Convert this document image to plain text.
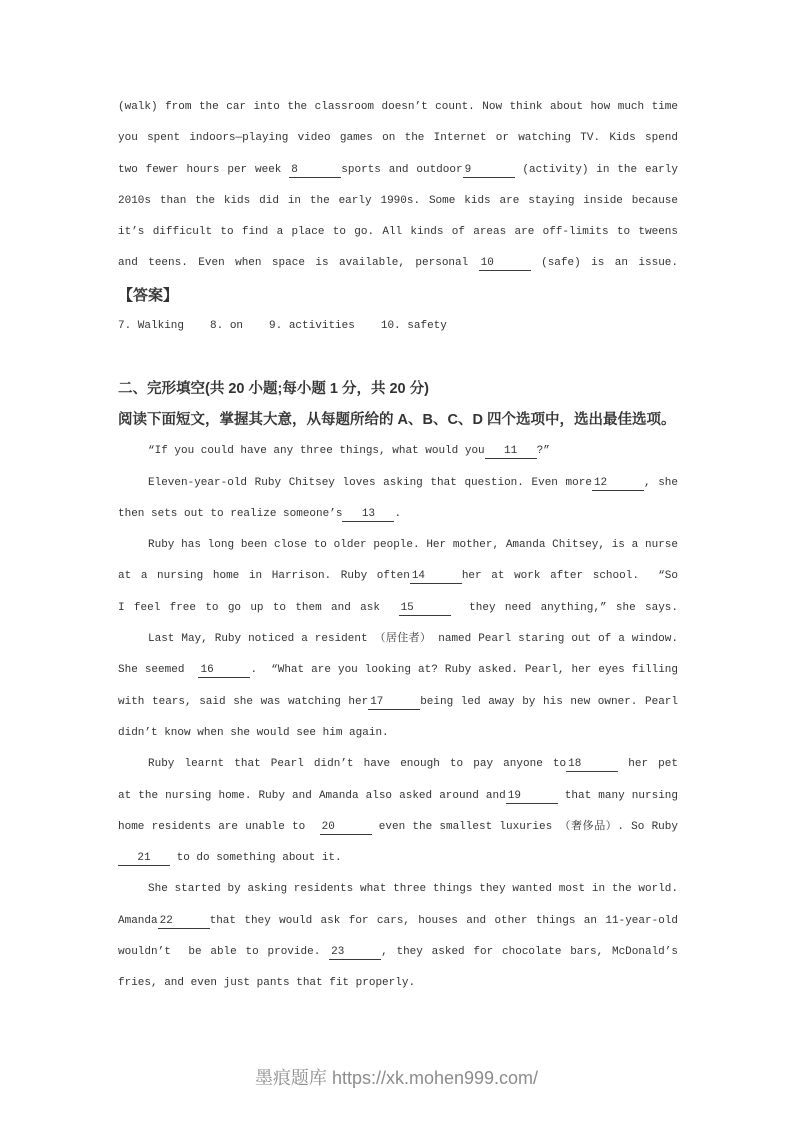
(walk) from the car into the classroom doesn’t count. Now think about how much time
you spent indoors—playing video games on the Internet or watching TV. Kids spend
two fewer hours per week 8	sports and outdoor 9	(activity) in the early
2010s than the kids did in the early 1990s. Some kids are staying inside because
it’s difficult to find a place to go. All kinds of areas are off-limits to tweens
and teens. Even when space is available, personal 10	(safe) is an issue.
【答案】
7. Walking 8. on 9. activities 10. safety
二、完形填空(共 20 小题;每小题 1 分，共 20 分)
阅读下面短文，掌握其大意，从每题所给的 A、B、C、D 四个选项中，选出最佳选项。
“If you could have any three things, what would you 11 ?”
Eleven-year-old Ruby Chitsey loves asking that question. Even more 12	, she
then sets out to realize someone’s 13 .
Ruby has long been close to older people. Her mother, Amanda Chitsey, is a nurse
at a nursing home in Harrison. Ruby often 14	her at work after school.  “So
I feel free to go up to them and ask  15	they need anything,” she says.
Last May, Ruby noticed a resident （居住者） named Pearl staring out of a window.
She seemed  16	.  “What are you looking at? Ruby asked. Pearl, her eyes filling
with tears, said she was watching her 17	being led away by his new owner. Pearl
didn’t know when she would see him again.
Ruby learnt that Pearl didn’t have enough to pay anyone to 18	her pet
at the nursing home. Ruby and Amanda also asked around and 19	that many nursing
home residents are unable to  20	even the smallest luxuries （奢侈品）. So Ruby
21 to do something about it.
She started by asking residents what three things they wanted most in the world.
Amanda 22	that they would ask for cars, houses and other things an 11-year-old
wouldn’t  be able to provide. 23	, they asked for chocolate bars, McDonald’s
fries, and even just pants that fit properly.
墨痕题库 https://xk.mohen999.com/
